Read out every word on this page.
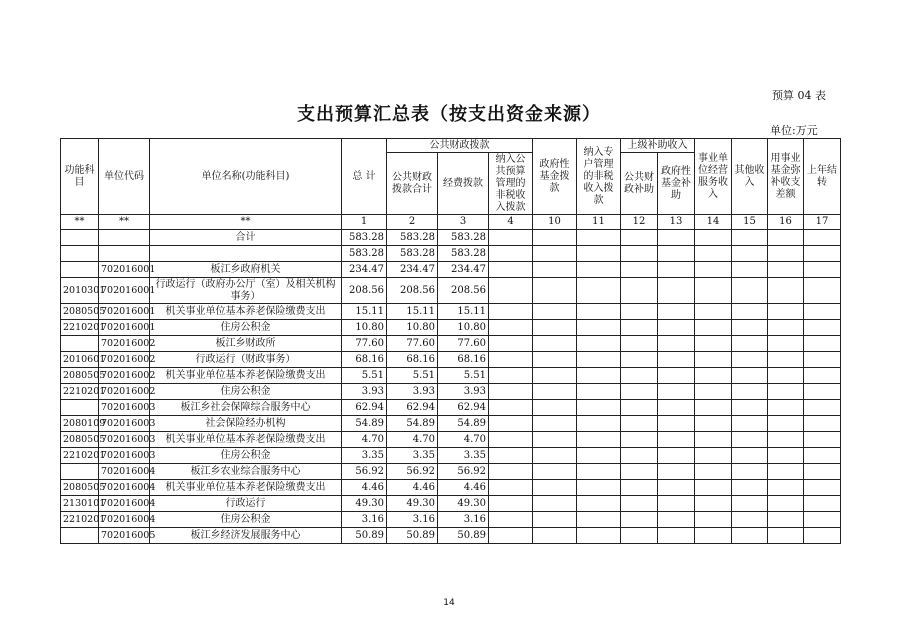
预算 04 表
支出预算汇总表（按支出资金来源）
单位:万元
功能科目	单位代码	单位名称(功能科目)	总 计	公共财政拨款			政府性基金拨款	纳入专户管理的非税收入拨款	上级补助收入		事业单位经营服务收入	其他收入	用事业基金弥补收支差额	上年结转
				公共财政拨款合计	经费拨款	纳入公共预算管理的非税收入拨款			公共财政补助	政府性基金补助				
**	**	**	1	2	3	4	10	11	12	13	14	15	16	17
		合计	583.28	583.28	583.28									
			583.28	583.28	583.28									
	702016001	板江乡政府机关	234.47	234.47	234.47									
2010301	702016001	行政运行（政府办公厅（室）及相关机构事务）	208.56	208.56	208.56									
2080505	702016001	机关事业单位基本养老保险缴费支出	15.11	15.11	15.11									
2210201	702016001	住房公积金	10.80	10.80	10.80									
	702016002	板江乡财政所	77.60	77.60	77.60									
2010601	702016002	行政运行（财政事务）	68.16	68.16	68.16									
2080505	702016002	机关事业单位基本养老保险缴费支出	5.51	5.51	5.51									
2210201	702016002	住房公积金	3.93	3.93	3.93									
	702016003	板江乡社会保障综合服务中心	62.94	62.94	62.94									
2080109	702016003	社会保险经办机构	54.89	54.89	54.89									
2080505	702016003	机关事业单位基本养老保险缴费支出	4.70	4.70	4.70									
2210201	702016003	住房公积金	3.35	3.35	3.35									
	702016004	板江乡农业综合服务中心	56.92	56.92	56.92									
2080505	702016004	机关事业单位基本养老保险缴费支出	4.46	4.46	4.46									
2130101	702016004	行政运行	49.30	49.30	49.30									
2210201	702016004	住房公积金	3.16	3.16	3.16									
	702016005	板江乡经济发展服务中心	50.89	50.89	50.89									
14
